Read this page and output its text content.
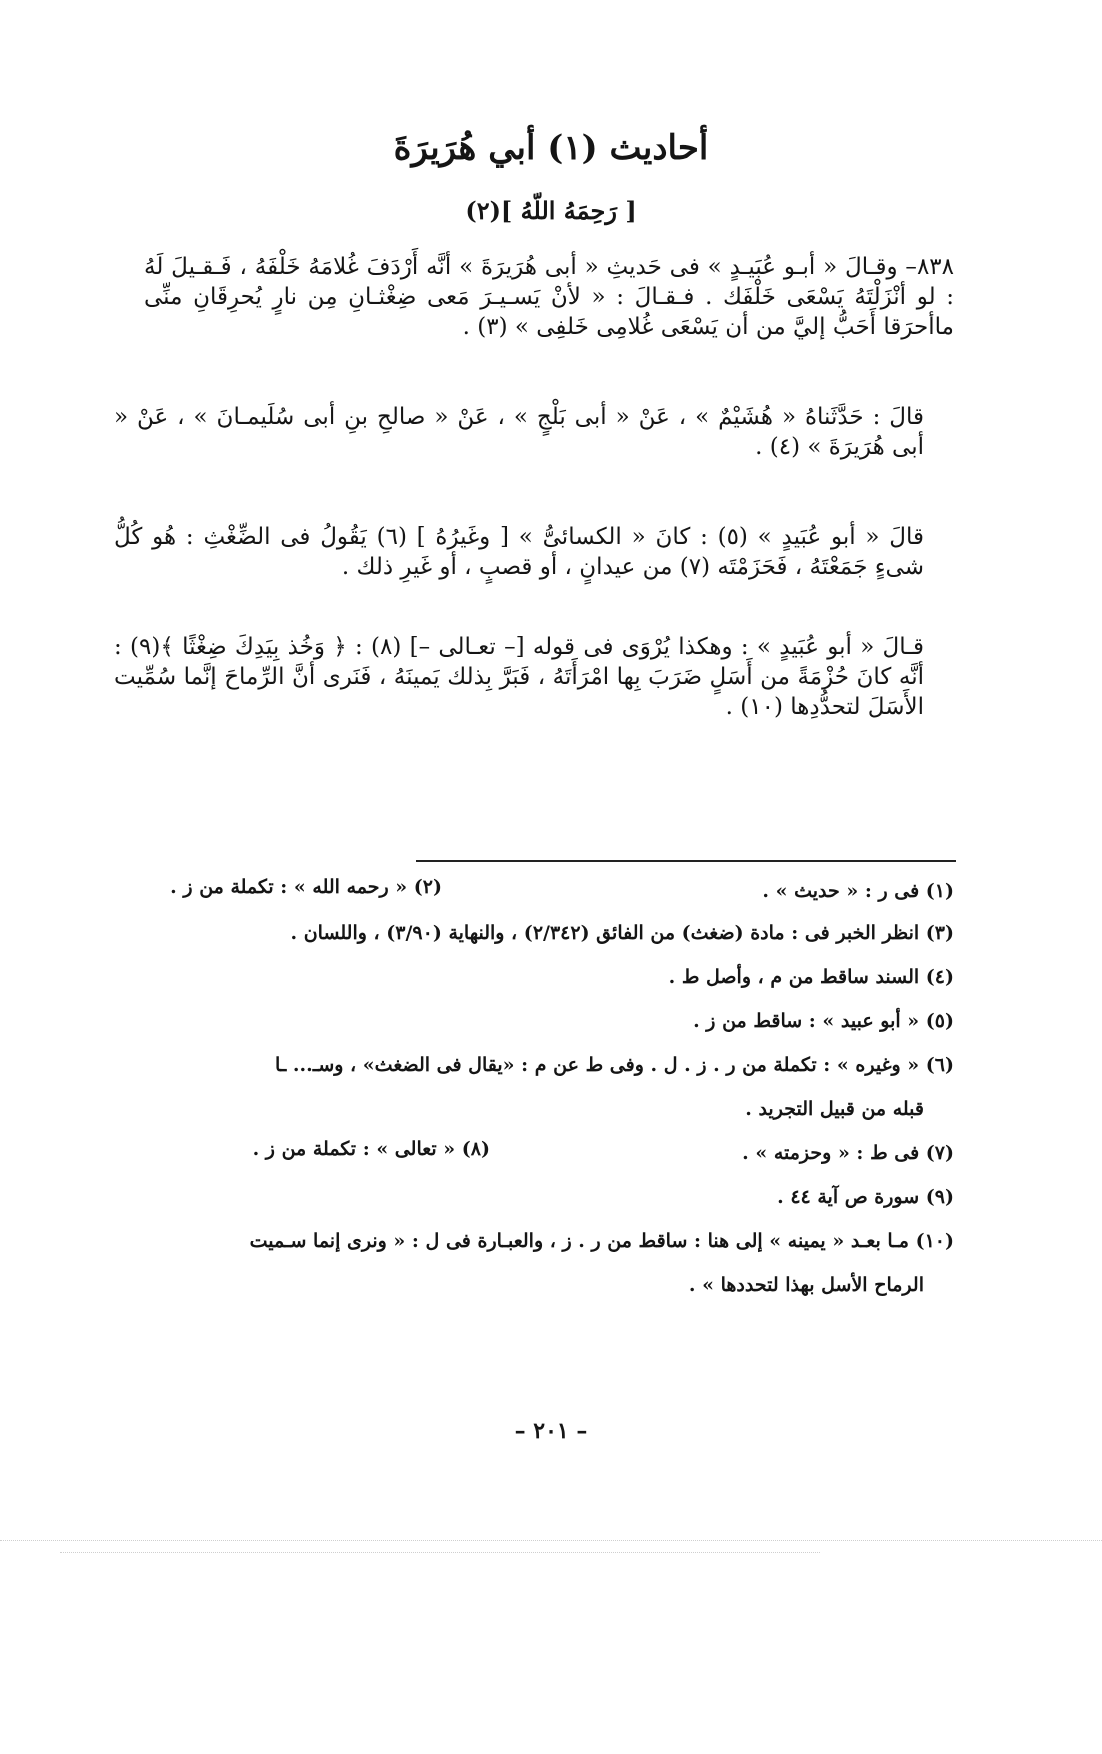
أحاديث (١) أبي هُرَيرَةَ
[ رَحِمَهُ اللّهُ ](٢)
٨٣٨– وقـالَ « أبـو عُبَيـدٍ » فى حَديثِ « أبى هُرَيرَةَ » أنَّه أَرْدَفَ غُلامَهُ خَلْفَهُ ، فَـقـيلَ لَهُ : لو أنْزَلْتَهُ يَسْعَى خَلْفَك . فـقـالَ : « لأنْ يَسـيـرَ مَعى ضِغْثـانِ مِن نارٍ يُحرِقَانِ منِّى ماأحرَقا أَحَبُّ إليَّ من أن يَسْعَى غُلامِى خَلفِى » (٣) .
قالَ : حَدَّثَناهُ « هُشَيْمٌ » ، عَنْ « أبى بَلْجٍ » ، عَنْ « صالحِ بنِ أبى سُلَيمـانَ » ، عَنْ « أبى هُرَيرَةَ » (٤) .
قالَ « أبو عُبَيدٍ » (٥) : كانَ « الكسائىُّ » [ وغَيرُهُ ] (٦) يَقُولُ فى الضِّغْثِ : هُو كُلُّ شىءٍ جَمَعْتَهُ ، فَحَزَمْتَه (٧) من عيدانٍ ، أو قصبٍ ، أو غَيرِ ذلك .
قـالَ « أبو عُبَيدٍ » : وهكذا يُرْوَى فى قوله [– تعـالى –] (٨) : ﴿ وَخُذ بِيَدِكَ ضِغْثًا ﴾(٩) : أنَّه كانَ حُزْمَةً من أَسَلٍ ضَرَبَ بِها امْرَأَتَهُ ، فَبَرَّ بِذلك يَمينَهُ ، فَنَرى أنَّ الرِّماحَ إنَّما سُمِّيت الأَسَلَ لتحدُّدِها (١٠) .
(١) فى ر : « حديث » .
(٢) « رحمه الله » : تكملة من ز .
(٣) انظر الخبر فى : مادة (ضغث) من الفائق (٢/٣٤٢) ، والنهاية (٣/٩٠) ، واللسان .
(٤) السند ساقط من م ، وأصل ط .
(٥) « أبو عبيد » : ساقط من ز .
(٦) « وغيره » : تكملة من ر . ز . ل . وفى ط عن م : «يقال فى الضغث» ، وسـ... ـا
قبله من قبيل التجريد .
(٧) فى ط : « وحزمته » .
(٨) « تعالى » : تكملة من ز .
(٩) سورة ص آية ٤٤ .
(١٠) مـا بعـد « يمينه » إلى هنا : ساقط من ر . ز ، والعبـارة فى ل : « ونرى إنما سـميت
الرماح الأسل بهذا لتحددها » .
– ٢٠١ –
